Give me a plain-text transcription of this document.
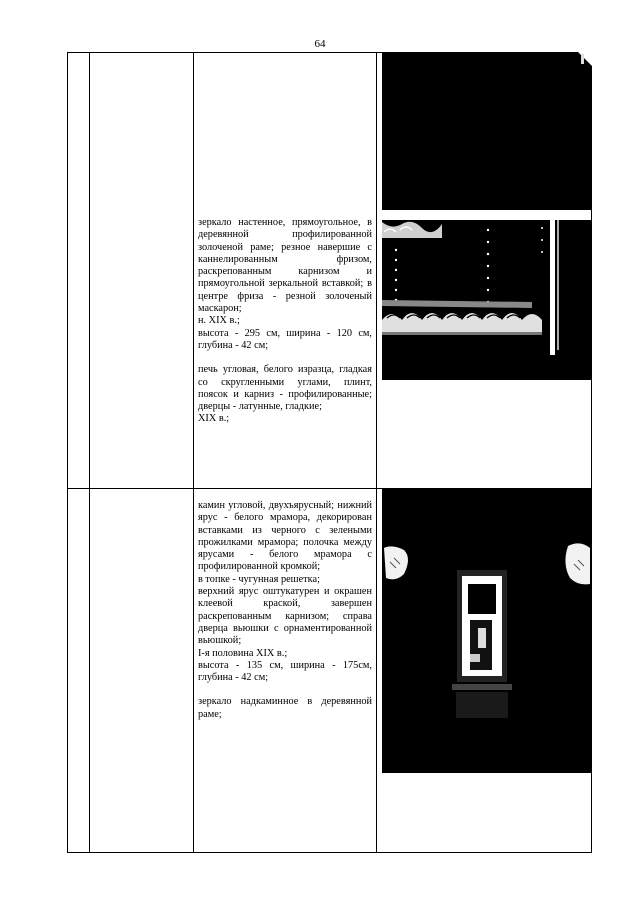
64

зеркало настенное, прямоугольное, в деревянной профилированной золоченой раме; резное навершие с каннелированным фризом, раскрепованным карнизом и прямоугольной зеркальной вставкой; в центре фриза - резной золоченый маскарон;

н. XIX в.;

высота - 295 см, ширина - 120 см, глубина - 42 см;

печь угловая, белого изразца, гладкая со скругленными углами, плинт, поясок и карниз - профилированные; дверцы - латунные, гладкие;

XIX в.;

камин угловой, двухъярусный; нижний ярус - белого мрамора, декорирован вставками из черного с зелеными прожилками мрамора; полочка между ярусами - белого мрамора с профилированной кромкой;

в топке - чугунная решетка;

верхний ярус оштукатурен и окрашен клеевой краской, завершен раскрепованным карнизом; справа дверца вьюшки с орнаментированной вьюшкой;

I-я половина XIX в.;

высота - 135 см, ширина - 175см, глубина - 42 см;

зеркало надкаминное в деревянной раме;
